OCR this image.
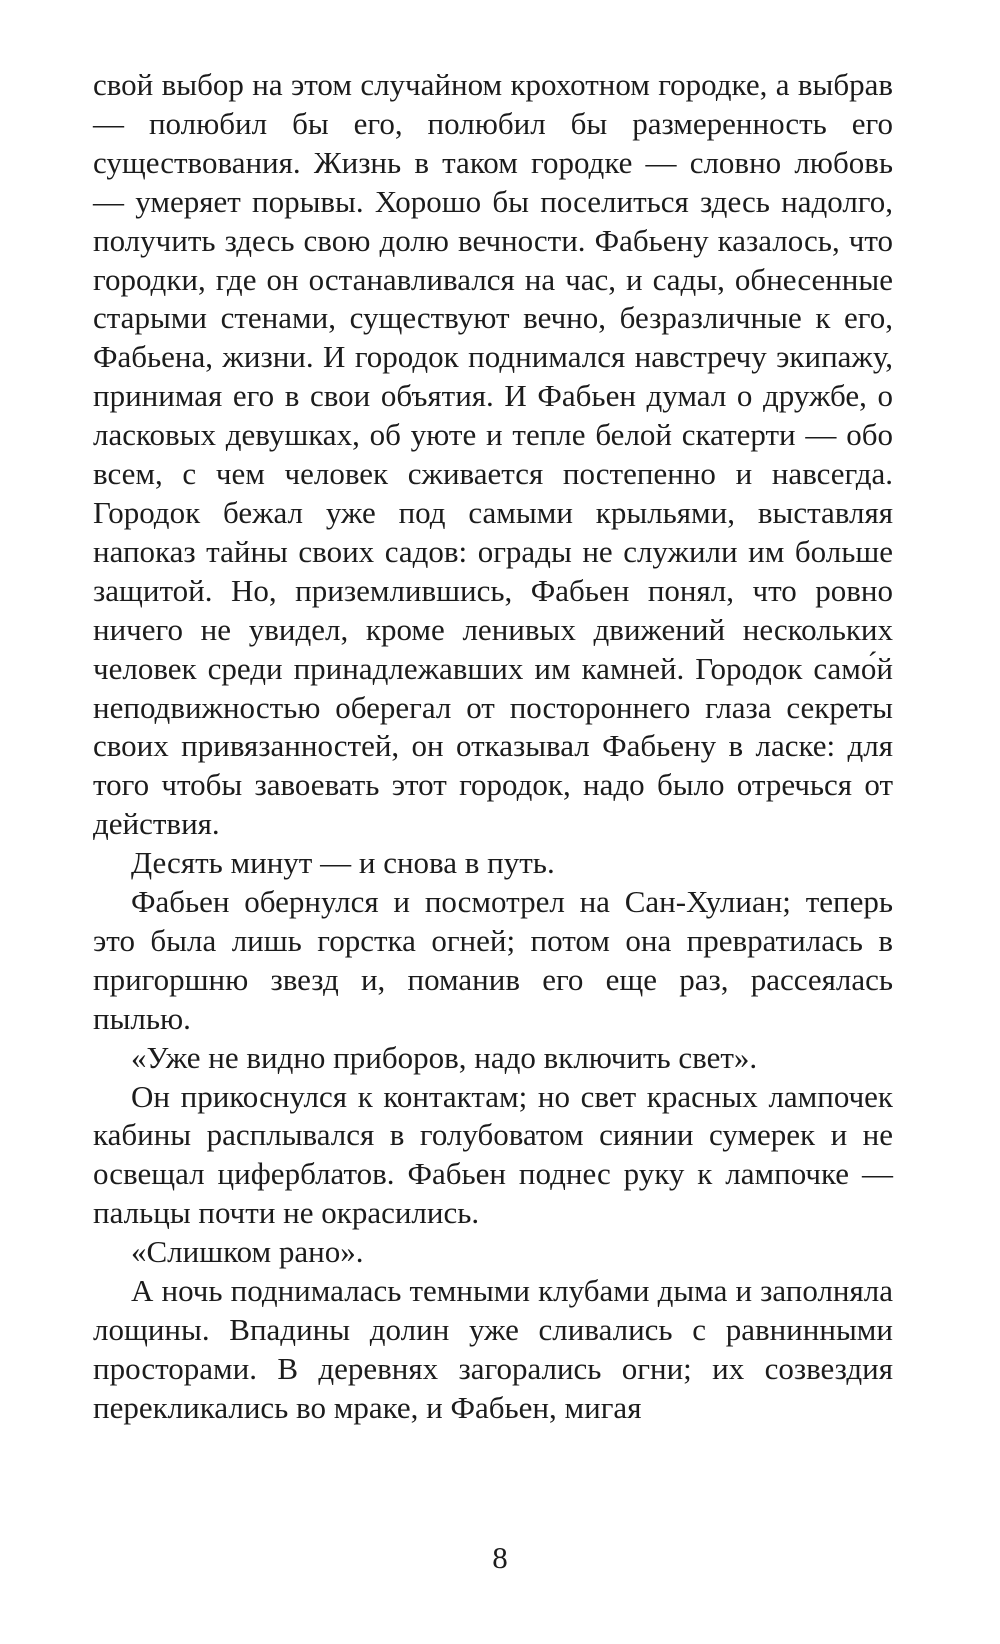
свой выбор на этом случайном крохотном городке, а выбрав — полюбил бы его, полюбил бы размеренность его существования. Жизнь в таком городке — словно любовь — умеряет порывы. Хорошо бы поселиться здесь надолго, получить здесь свою долю вечности. Фабьену казалось, что городки, где он останавливался на час, и сады, обнесенные старыми стенами, существуют вечно, безразличные к его, Фабьена, жизни. И городок поднимался навстречу экипажу, принимая его в свои объятия. И Фабьен думал о дружбе, о ласковых девушках, об уюте и тепле белой скатерти — обо всем, с чем человек сживается постепенно и навсегда. Городок бежал уже под самыми крыльями, выставляя напоказ тайны своих садов: ограды не служили им больше защитой. Но, приземлившись, Фабьен понял, что ровно ничего не увидел, кроме ленивых движений нескольких человек среди принадлежавших им камней. Городок само́й неподвижностью оберегал от постороннего глаза секреты своих привязанностей, он отказывал Фабьену в ласке: для того чтобы завоевать этот городок, надо было отречься от действия.

Десять минут — и снова в путь.

Фабьен обернулся и посмотрел на Сан-Хулиан; теперь это была лишь горстка огней; потом она превратилась в пригоршню звезд и, поманив его еще раз, рассеялась пылью.

«Уже не видно приборов, надо включить свет».

Он прикоснулся к контактам; но свет красных лампочек кабины расплывался в голубоватом сиянии сумерек и не освещал циферблатов. Фабьен поднес руку к лампочке — пальцы почти не окрасились.

«Слишком рано».

А ночь поднималась темными клубами дыма и заполняла лощины. Впадины долин уже сливались с равнинными просторами. В деревнях загорались огни; их созвездия перекликались во мраке, и Фабьен, мигая

8
